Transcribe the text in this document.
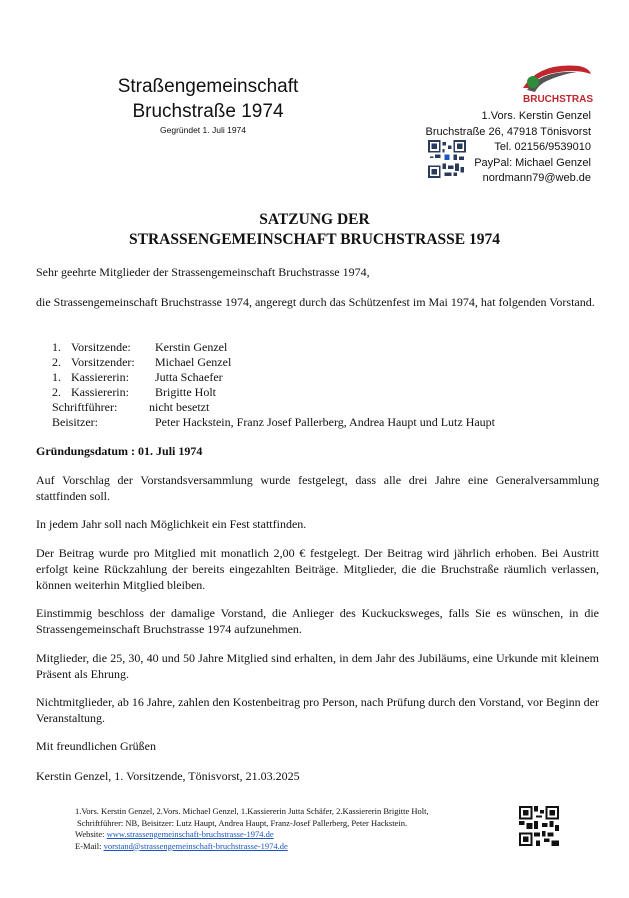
Straßengemeinschaft
Bruchstraße 1974
Gegründet 1. Juli 1974
BRUCHSTRAS
1.Vors. Kerstin Genzel
Bruchstraße 26, 47918 Tönisvorst
Tel. 02156/9539010
PayPal: Michael Genzel
nordmann79@web.de
SATZUNG DER
STRASSENGEMEINSCHAFT BRUCHSTRASSE 1974
Sehr geehrte Mitglieder der Strassengemeinschaft Bruchstrasse 1974,
die Strassengemeinschaft Bruchstrasse 1974, angeregt durch das Schützenfest im Mai 1974, hat folgenden Vorstand.
1. Vorsitzende:	Kerstin Genzel
2. Vorsitzender:	Michael Genzel
1. Kassiererin:	Jutta Schaefer
2. Kassiererin:	Brigitte Holt
Schriftführer:	nicht besetzt
Beisitzer:	Peter Hackstein, Franz Josef Pallerberg, Andrea Haupt und Lutz Haupt
Gründungsdatum : 01. Juli 1974
Auf Vorschlag der Vorstandsversammlung wurde festgelegt, dass alle drei Jahre eine Generalversammlung stattfinden soll.
In jedem Jahr soll nach Möglichkeit ein Fest stattfinden.
Der Beitrag wurde pro Mitglied mit monatlich 2,00 € festgelegt. Der Beitrag wird jährlich erhoben. Bei Austritt erfolgt keine Rückzahlung der bereits eingezahlten Beiträge. Mitglieder, die die Bruchstraße räumlich verlassen, können weiterhin Mitglied bleiben.
Einstimmig beschloss der damalige Vorstand, die Anlieger des Kuckucksweges, falls Sie es wünschen, in die Strassengemeinschaft Bruchstrasse 1974 aufzunehmen.
Mitglieder, die 25, 30, 40 und 50 Jahre Mitglied sind erhalten, in dem Jahr des Jubiläums, eine Urkunde mit kleinem Präsent als Ehrung.
Nichtmitglieder, ab 16 Jahre, zahlen den Kostenbeitrag pro Person, nach Prüfung durch den Vorstand, vor Beginn der Veranstaltung.
Mit freundlichen Grüßen
Kerstin Genzel, 1. Vorsitzende, Tönisvorst, 21.03.2025
1.Vors. Kerstin Genzel, 2.Vors. Michael Genzel, 1.Kassiererin Jutta Schäfer, 2.Kassiererin Brigitte Holt,
Schriftführer: NB, Beisitzer: Lutz Haupt, Andrea Haupt, Franz-Josef Pallerberg, Peter Hackstein.
Website: www.strassengemeinschaft-bruchstrasse-1974.de
E-Mail: vorstand@strassengemeinschaft-bruchstrasse-1974.de
